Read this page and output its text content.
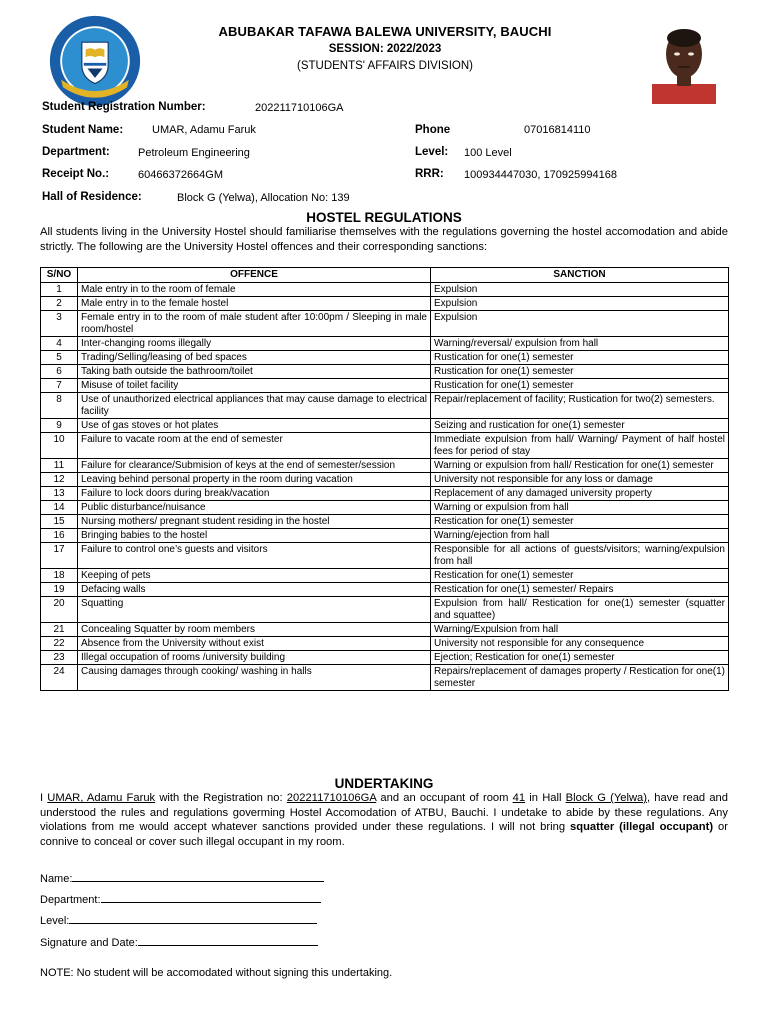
ABUBAKAR TAFAWA BALEWA UNIVERSITY, BAUCHI
SESSION: 2022/2023
(STUDENTS' AFFAIRS DIVISION)
Student Registration Number:	202211710106GA
Student Name:	UMAR, Adamu Faruk	Phone	07016814110
Department:	Petroleum Engineering	Level: 100 Level
Receipt No.:	60466372664GM	RRR: 100934447030, 170925994168
Hall of Residence:	Block G (Yelwa), Allocation No: 139
HOSTEL REGULATIONS
All students living in the University Hostel should familiarise themselves with the regulations governing the hostel accomodation and abide strictly. The following are the University Hostel offences and their corresponding sanctions:
S/NO	OFFENCE	SANCTION
1	Male entry in to the room of female	Expulsion
2	Male entry in to the female hostel	Expulsion
3	Female entry in to the room of male student after 10:00pm / Sleeping in male room/hostel	Expulsion
4	Inter-changing rooms illegally	Warning/reversal/ expulsion from hall
5	Trading/Selling/leasing of bed spaces	Rustication for one(1) semester
6	Taking bath outside the bathroom/toilet	Rustication for one(1) semester
7	Misuse of toilet facility	Rustication for one(1) semester
8	Use of unauthorized electrical appliances that may cause damage to electrical facility	Repair/replacement of facility; Rustication for two(2) semesters.
9	Use of gas stoves or hot plates	Seizing and rustication for one(1) semester
10	Failure to vacate room at the end of semester	Immediate expulsion from hall/ Warning/ Payment of half hostel fees for period of stay
11	Failure for clearance/Submision of keys at the end of semester/session	Warning or expulsion from hall/ Restication for one(1) semester
12	Leaving behind personal property in the room during vacation	University not responsible for any loss or damage
13	Failure to lock doors during break/vacation	Replacement of any damaged university property
14	Public disturbance/nuisance	Warning or expulsion from hall
15	Nursing mothers/ pregnant student residing in the hostel	Restication for one(1) semester
16	Bringing babies to the hostel	Warning/ejection from hall
17	Failure to control one’s guests and visitors	Responsible for all actions of guests/visitors; warning/expulsion from hall
18	Keeping of pets	Restication for one(1) semester
19	Defacing walls	Restication for one(1) semester/ Repairs
20	Squatting	Expulsion from hall/ Restication for one(1) semester (squatter and squattee)
21	Concealing Squatter by room members	Warning/Expulsion from hall
22	Absence from the University without exist	University not responsible for any consequence
23	Illegal occupation of rooms /university building	Ejection; Restication for one(1) semester
24	Causing damages through cooking/ washing in halls	Repairs/replacement of damages property / Restication for one(1) semester
UNDERTAKING
I UMAR, Adamu Faruk with the Registration no: 202211710106GA and an occupant of room 41 in Hall Block G (Yelwa), have read and understood the rules and regulations goverming Hostel Accomodation of ATBU, Bauchi. I undetake to abide by these regulations. Any violations from me would accept whatever sanctions provided under these regulations. I will not bring squatter (illegal occupant) or connive to conceal or cover such illegal occupant in my room.
Name:
Department:
Level:
Signature and Date:
NOTE: No student will be accomodated without signing this undertaking.
